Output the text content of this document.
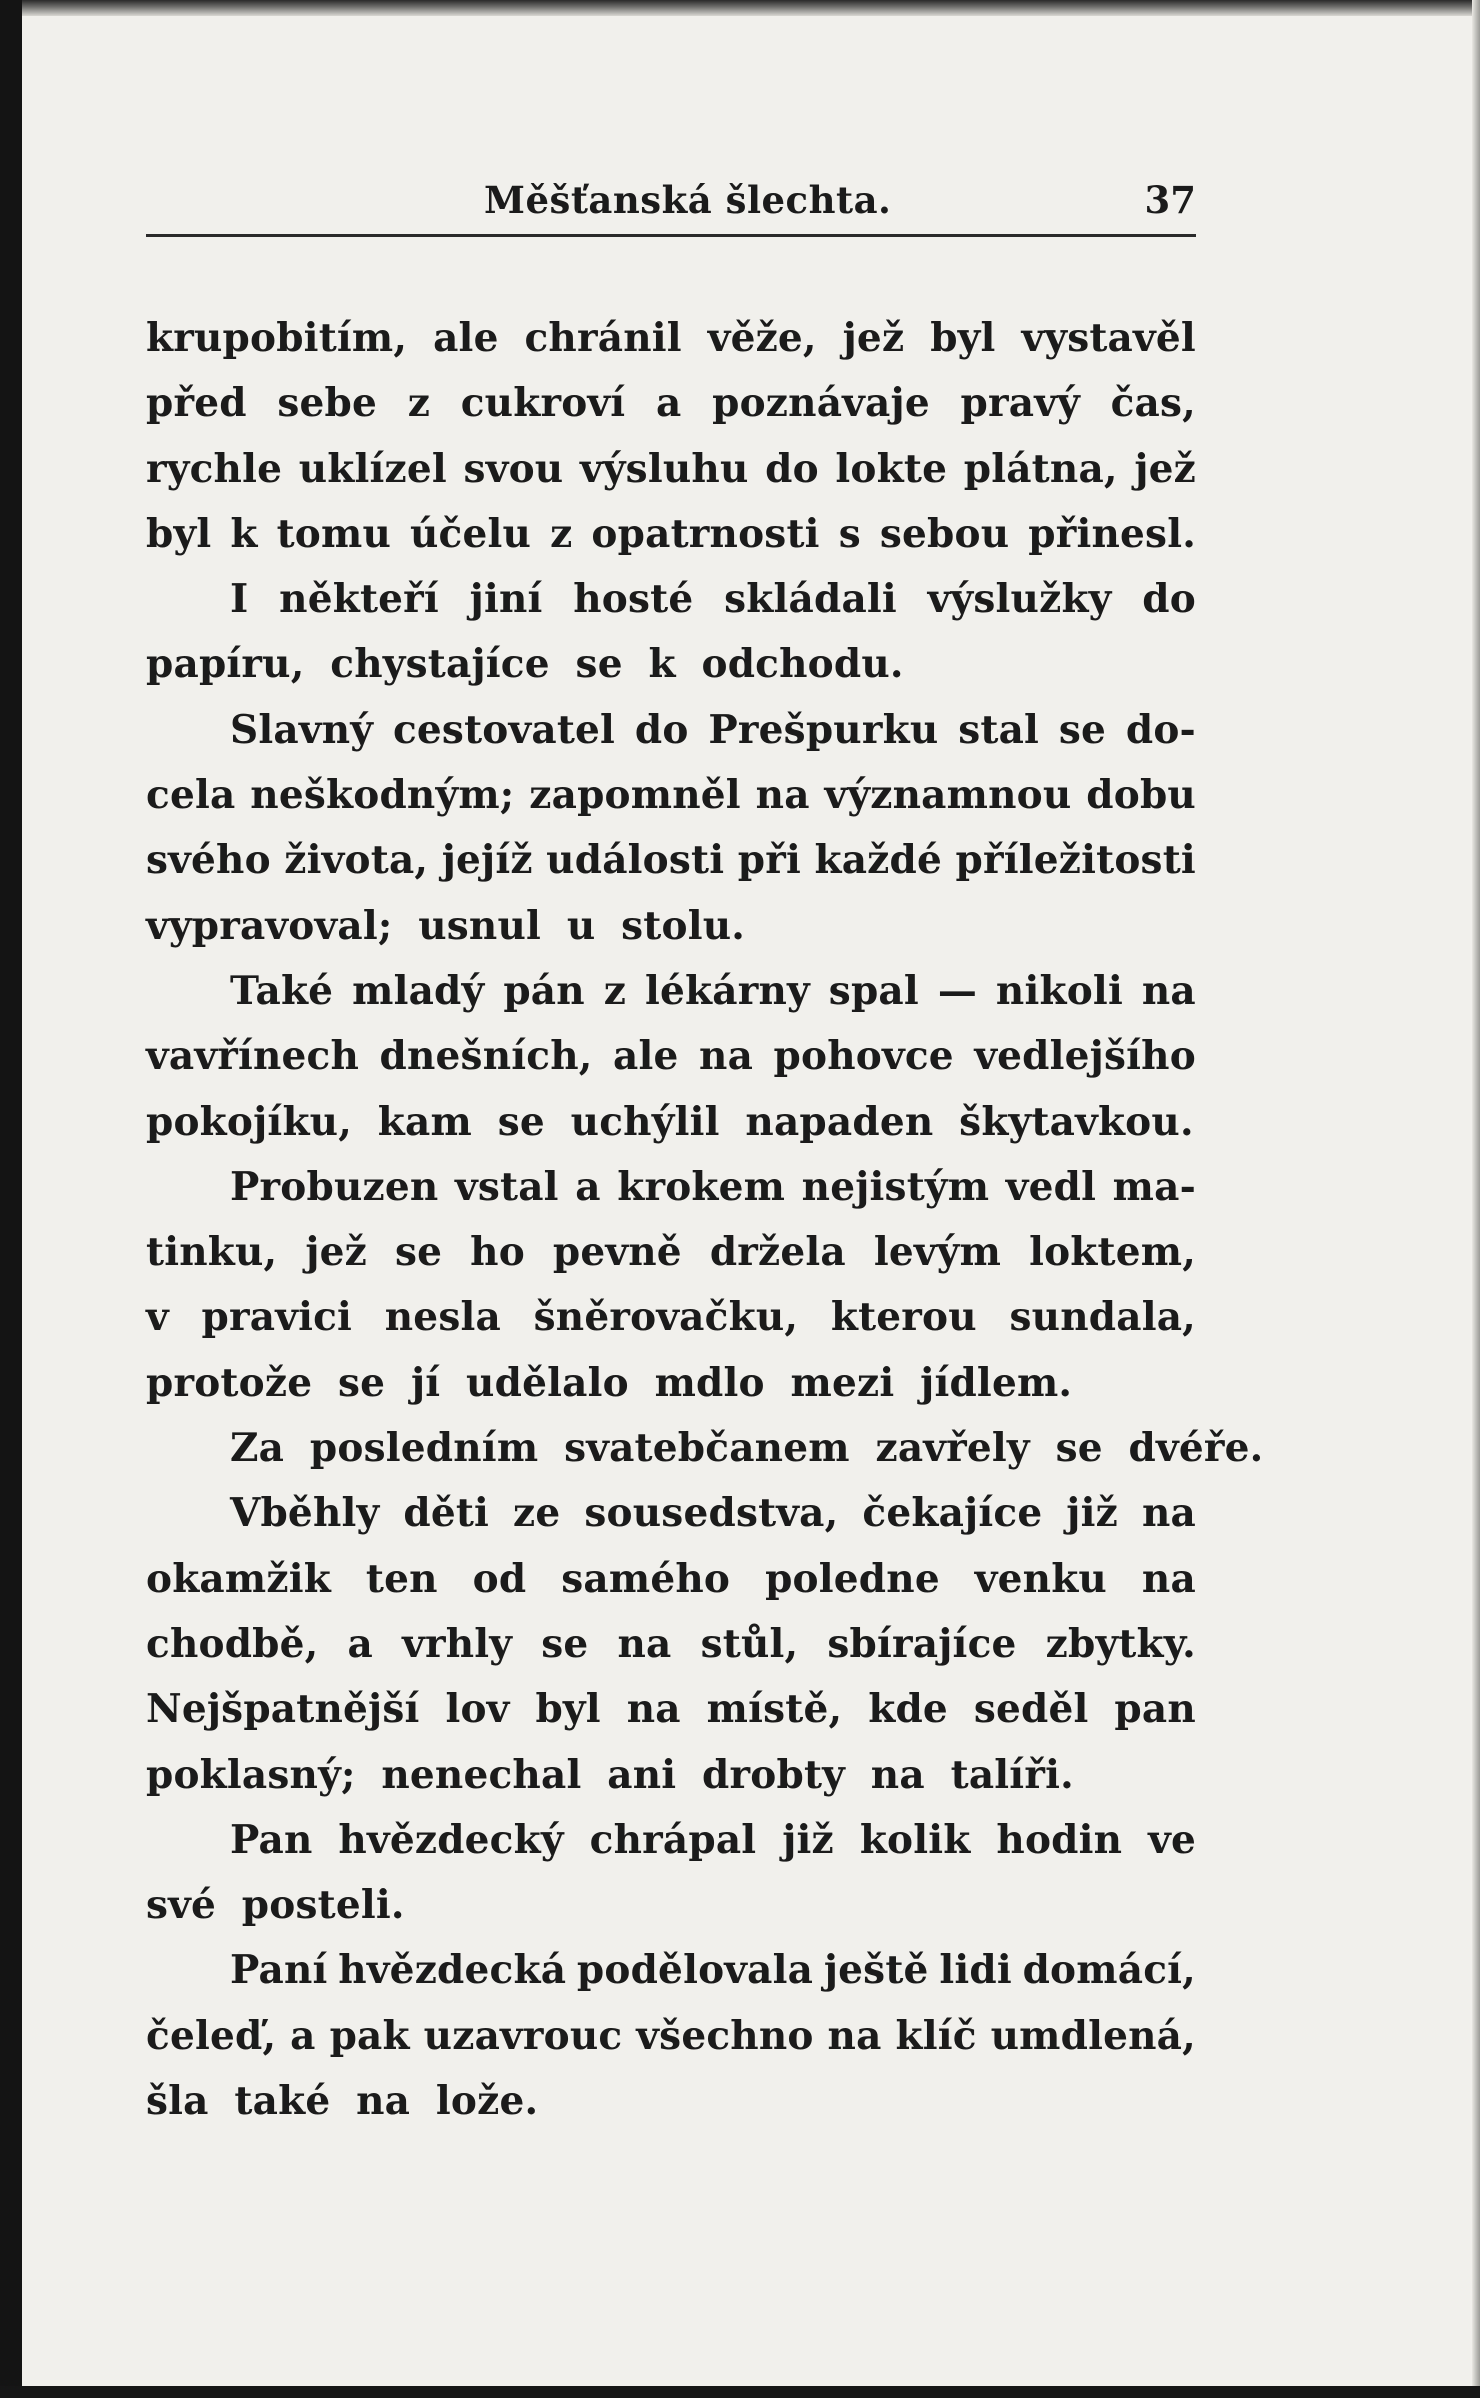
Měšťanská šlechta.	37
krupobitím, ale chránil věže, jež byl vystavěl
před sebe z cukroví a poznávaje pravý čas,
rychle uklízel svou výsluhu do lokte plátna, jež
byl k tomu účelu z opatrnosti s sebou přinesl.
I někteří jiní hosté skládali výslužky do
papíru, chystajíce se k odchodu.
Slavný cestovatel do Prešpurku stal se do-
cela neškodným; zapomněl na významnou dobu
svého života, jejíž události při každé příležitosti
vypravoval; usnul u stolu.
Také mladý pán z lékárny spal — nikoli na
vavřínech dnešních, ale na pohovce vedlejšího
pokojíku, kam se uchýlil napaden škytavkou.
Probuzen vstal a krokem nejistým vedl ma-
tinku, jež se ho pevně držela levým loktem,
v pravici nesla šněrovačku, kterou sundala,
protože se jí udělalo mdlo mezi jídlem.
Za posledním svatebčanem zavřely se dvéře.
Vběhly děti ze sousedstva, čekajíce již na
okamžik ten od samého poledne venku na
chodbě, a vrhly se na stůl, sbírajíce zbytky.
Nejšpatnější lov byl na místě, kde seděl pan
poklasný; nenechal ani drobty na talíři.
Pan hvězdecký chrápal již kolik hodin ve
své posteli.
Paní hvězdecká podělovala ještě lidi domácí,
čeleď, a pak uzavrouc všechno na klíč umdlená,
šla také na lože.
